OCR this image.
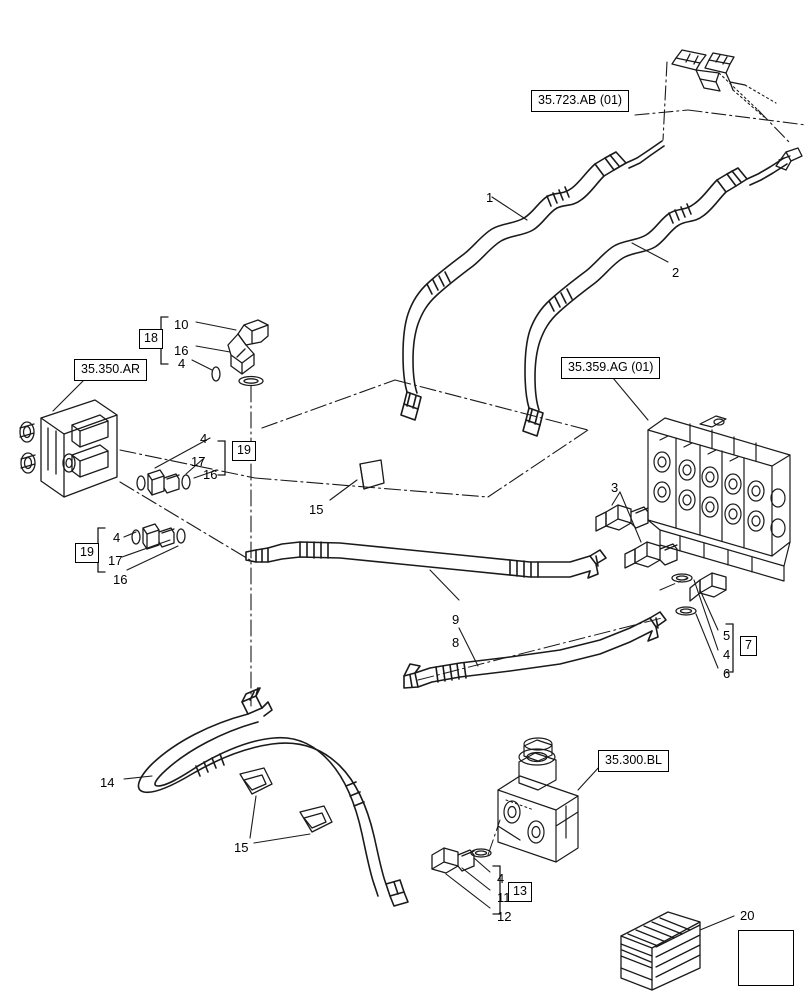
35.723.AB (01)
35.350.AR	35.359.AG (01)
35.300.BL
18
19
19
7
13
1
2
10
16
4
4
17
16
4
17
16
15
3
5
4
6
9
8
14
15
4
11
12	20
